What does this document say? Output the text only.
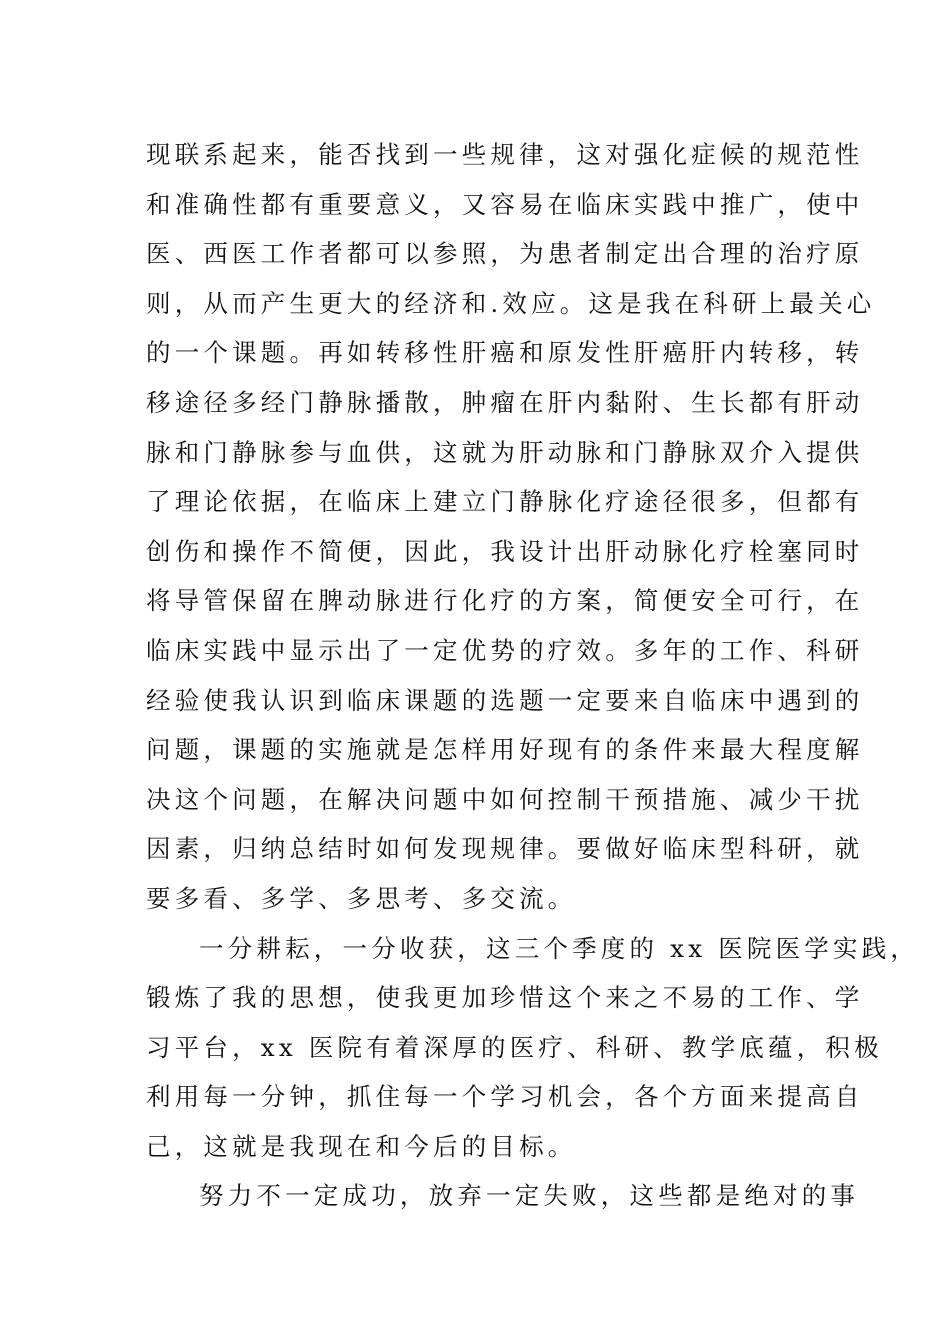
现联系起来，能否找到一些规律，这对强化症候的规范性
和准确性都有重要意义，又容易在临床实践中推广，使中
医、西医工作者都可以参照，为患者制定出合理的治疗原
则，从而产生更大的经济和.效应。这是我在科研上最关心
的一个课题。再如转移性肝癌和原发性肝癌肝内转移，转
移途径多经门静脉播散，肿瘤在肝内黏附、生长都有肝动
脉和门静脉参与血供，这就为肝动脉和门静脉双介入提供
了理论依据，在临床上建立门静脉化疗途径很多，但都有
创伤和操作不简便，因此，我设计出肝动脉化疗栓塞同时
将导管保留在脾动脉进行化疗的方案，简便安全可行，在
临床实践中显示出了一定优势的疗效。多年的工作、科研
经验使我认识到临床课题的选题一定要来自临床中遇到的
问题，课题的实施就是怎样用好现有的条件来最大程度解
决这个问题，在解决问题中如何控制干预措施、减少干扰
因素，归纳总结时如何发现规律。要做好临床型科研，就
要多看、多学、多思考、多交流。
一分耕耘，一分收获，这三个季度的 xx 医院医学实践，
锻炼了我的思想，使我更加珍惜这个来之不易的工作、学
习平台，xx 医院有着深厚的医疗、科研、教学底蕴，积极
利用每一分钟，抓住每一个学习机会，各个方面来提高自
己，这就是我现在和今后的目标。
努力不一定成功，放弃一定失败，这些都是绝对的事
